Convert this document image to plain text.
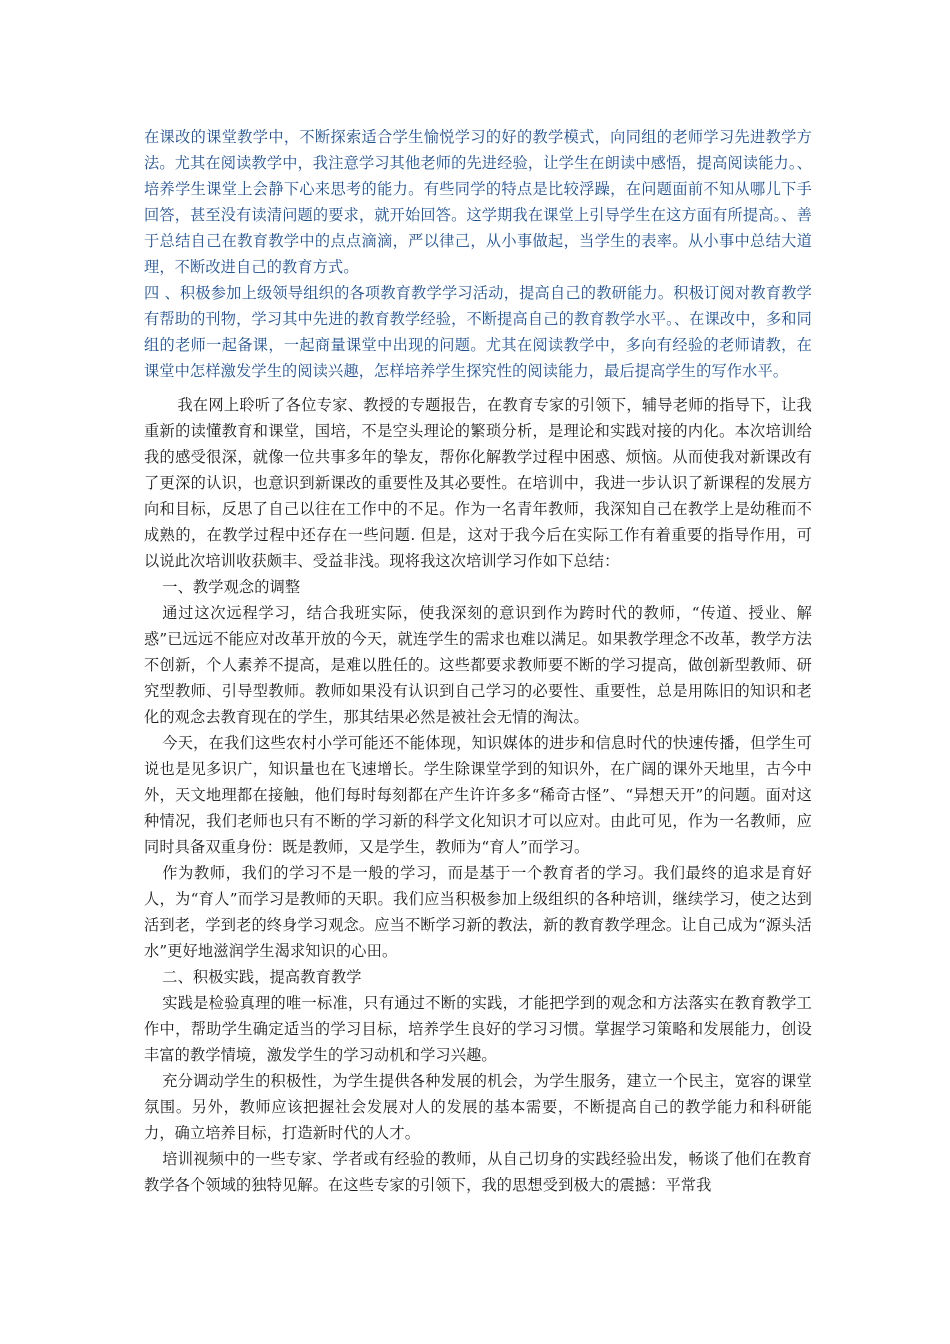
在课改的课堂教学中，不断探索适合学生愉悦学习的好的教学模式，向同组的老师学习先进教学方法。尤其在阅读教学中，我注意学习其他老师的先进经验，让学生在朗读中感悟，提高阅读能力。、培养学生课堂上会静下心来思考的能力。有些同学的特点是比较浮躁，在问题面前不知从哪儿下手回答，甚至没有读清问题的要求，就开始回答。这学期我在课堂上引导学生在这方面有所提高。、善于总结自己在教育教学中的点点滴滴，严以律己，从小事做起，当学生的表率。从小事中总结大道理，不断改进自己的教育方式。

四 、积极参加上级领导组织的各项教育教学学习活动，提高自己的教研能力。积极订阅对教育教学有帮助的刊物，学习其中先进的教育教学经验，不断提高自己的教育教学水平。、在课改中，多和同组的老师一起备课，一起商量课堂中出现的问题。尤其在阅读教学中，多向有经验的老师请教，在课堂中怎样激发学生的阅读兴趣，怎样培养学生探究性的阅读能力，最后提高学生的写作水平。

我在网上聆听了各位专家、教授的专题报告，在教育专家的引领下，辅导老师的指导下，让我重新的读懂教育和课堂，国培，不是空头理论的繁琐分析，是理论和实践对接的内化。本次培训给我的感受很深，就像一位共事多年的挚友，帮你化解教学过程中困惑、烦恼。从而使我对新课改有了更深的认识，也意识到新课改的重要性及其必要性。在培训中，我进一步认识了新课程的发展方向和目标，反思了自己以往在工作中的不足。作为一名青年教师，我深知自己在教学上是幼稚而不成熟的，在教学过程中还存在一些问题. 但是，这对于我今后在实际工作有着重要的指导作用，可以说此次培训收获颇丰、受益非浅。现将我这次培训学习作如下总结：

一、教学观念的调整

通过这次远程学习，结合我班实际，使我深刻的意识到作为跨时代的教师，“传道、授业、解惑”已远远不能应对改革开放的今天，就连学生的需求也难以满足。如果教学理念不改革，教学方法不创新，个人素养不提高，是难以胜任的。这些都要求教师要不断的学习提高，做创新型教师、研究型教师、引导型教师。教师如果没有认识到自己学习的必要性、重要性，总是用陈旧的知识和老化的观念去教育现在的学生，那其结果必然是被社会无情的淘汰。

今天，在我们这些农村小学可能还不能体现，知识媒体的进步和信息时代的快速传播，但学生可说也是见多识广，知识量也在飞速增长。学生除课堂学到的知识外，在广阔的课外天地里，古今中外，天文地理都在接触，他们每时每刻都在产生许许多多“稀奇古怪”、“异想天开”的问题。面对这种情况，我们老师也只有不断的学习新的科学文化知识才可以应对。由此可见，作为一名教师，应同时具备双重身份：既是教师，又是学生，教师为“育人”而学习。

作为教师，我们的学习不是一般的学习，而是基于一个教育者的学习。我们最终的追求是育好人，为“育人”而学习是教师的天职。我们应当积极参加上级组织的各种培训，继续学习，使之达到活到老，学到老的终身学习观念。应当不断学习新的教法，新的教育教学理念。让自己成为“源头活水”更好地滋润学生渴求知识的心田。

二、积极实践，提高教育教学

实践是检验真理的唯一标准，只有通过不断的实践，才能把学到的观念和方法落实在教育教学工作中，帮助学生确定适当的学习目标，培养学生良好的学习习惯。掌握学习策略和发展能力，创设丰富的教学情境，激发学生的学习动机和学习兴趣。

充分调动学生的积极性，为学生提供各种发展的机会，为学生服务，建立一个民主，宽容的课堂氛围。另外，教师应该把握社会发展对人的发展的基本需要，不断提高自己的教学能力和科研能力，确立培养目标，打造新时代的人才。

培训视频中的一些专家、学者或有经验的教师，从自己切身的实践经验出发，畅谈了他们在教育教学各个领域的独特见解。在这些专家的引领下，我的思想受到极大的震撼：平常我
